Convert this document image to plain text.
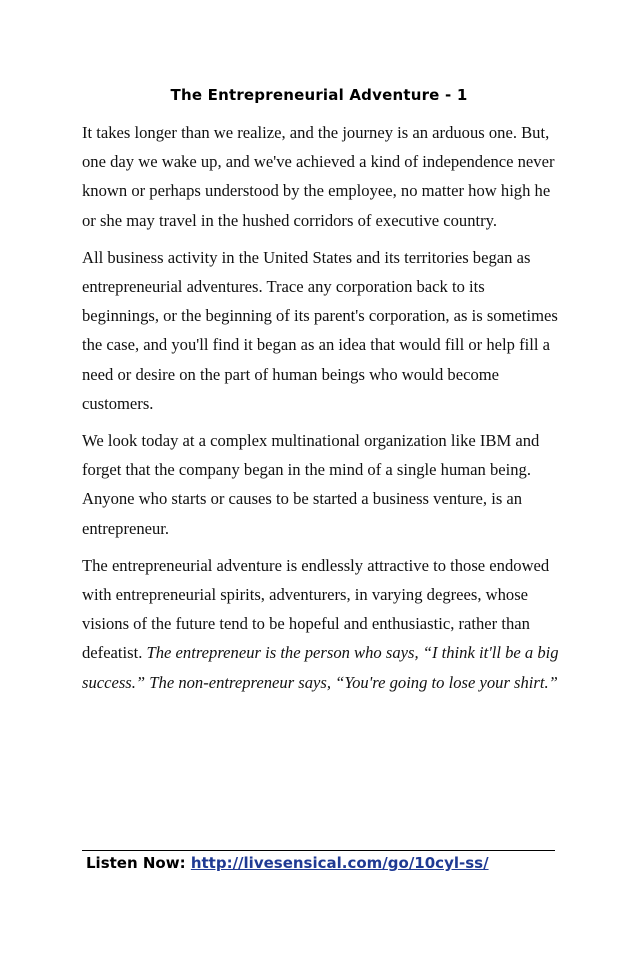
The Entrepreneurial Adventure - 1

It takes longer than we realize, and the journey is an arduous one. But, one day we wake up, and we've achieved a kind of independence never known or perhaps understood by the employee, no matter how high he or she may travel in the hushed corridors of executive country.

All business activity in the United States and its territories began as entrepreneurial adventures. Trace any corporation back to its beginnings, or the beginning of its parent's corporation, as is sometimes the case, and you'll find it began as an idea that would fill or help fill a need or desire on the part of human beings who would become customers.

We look today at a complex multinational organization like IBM and forget that the company began in the mind of a single human being. Anyone who starts or causes to be started a business venture, is an entrepreneur.

The entrepreneurial adventure is endlessly attractive to those endowed with entrepreneurial spirits, adventurers, in varying degrees, whose visions of the future tend to be hopeful and enthusiastic, rather than defeatist. The entrepreneur is the person who says, “I think it'll be a big success.” The non-entrepreneur says, “You're going to lose your shirt.”

Listen Now: http://livesensical.com/go/10cyl-ss/
